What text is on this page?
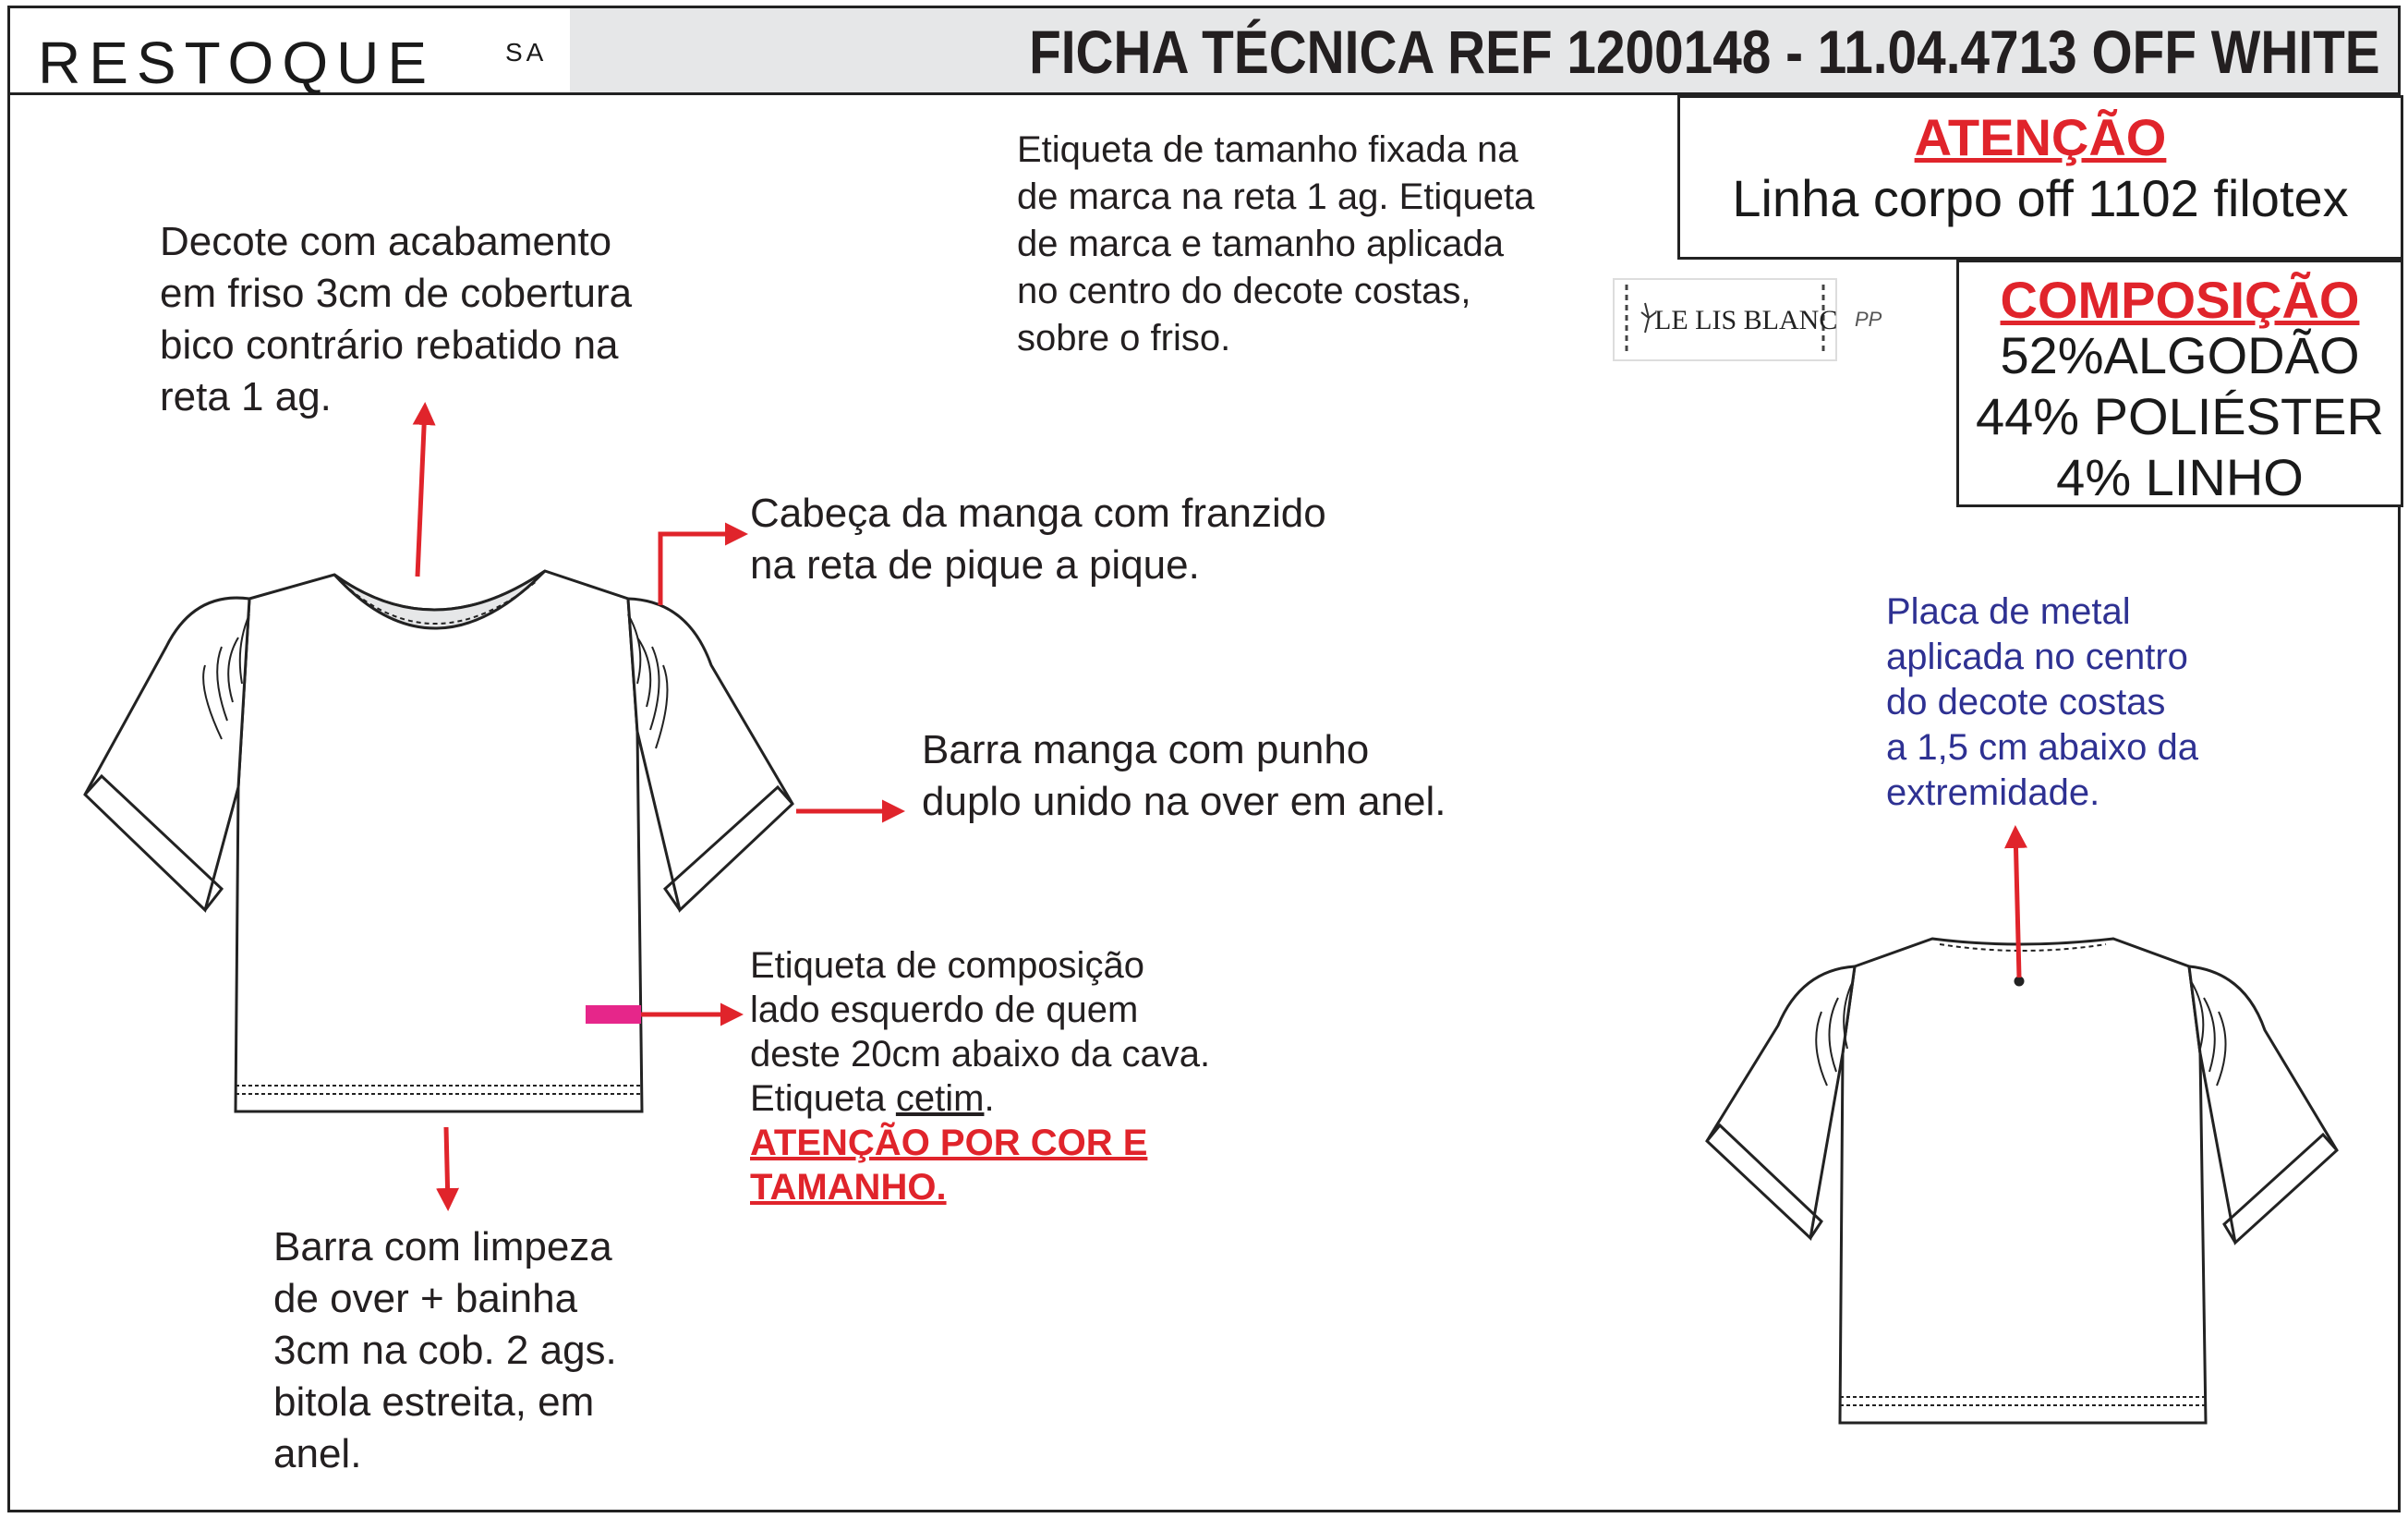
RESTOQUE	SA	FICHA TÉCNICA REF 1200148 - 11.04.4713 OFF WHITE
ATENÇÃO
Linha corpo off 1102 filotex
COMPOSIÇÃO
52%ALGODÃO
44% POLIÉSTER
4% LINHO
LE LIS BLANC PP
Decote com acabamento
em friso 3cm de cobertura
bico contrário rebatido na
reta 1 ag.
Etiqueta de tamanho fixada na
de marca na reta 1 ag. Etiqueta
de marca e tamanho aplicada
no centro do decote costas,
sobre o friso.
Cabeça da manga com franzido
na reta de pique a pique.
Barra manga com punho
duplo unido na over em anel.
Etiqueta de composição
lado esquerdo de quem
deste 20cm abaixo da cava.
Etiqueta cetim.
ATENÇÃO POR COR E
TAMANHO.
Barra com limpeza
de over + bainha
3cm na cob. 2 ags.
bitola estreita, em
anel.
Placa de metal
aplicada no centro
do decote costas
a 1,5 cm abaixo da
extremidade.
